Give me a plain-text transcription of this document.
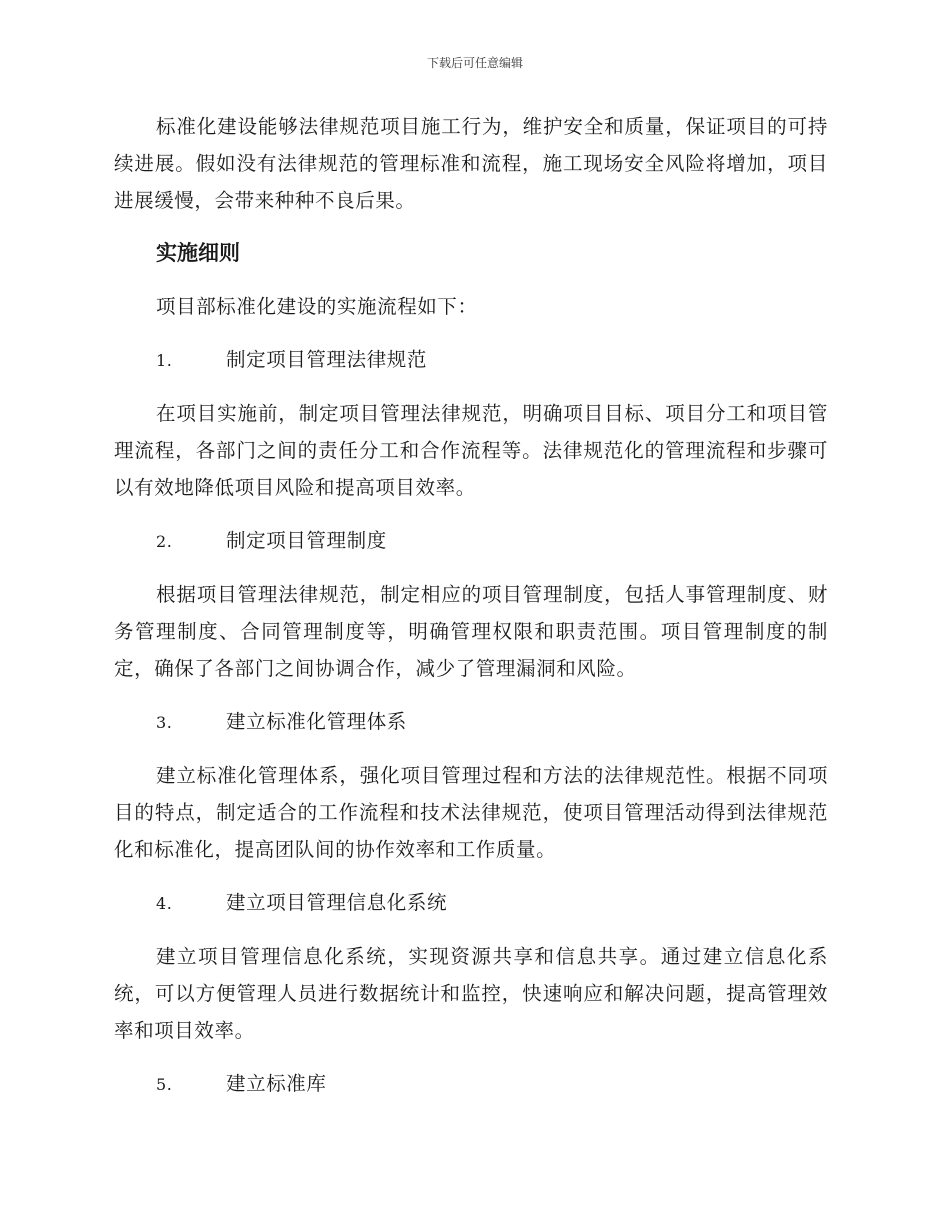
下载后可任意编辑

标准化建设能够法律规范项目施工行为，维护安全和质量，保证项目的可持续进展。假如没有法律规范的管理标准和流程，施工现场安全风险将增加，项目进展缓慢，会带来种种不良后果。

实施细则

项目部标准化建设的实施流程如下：

1.	制定项目管理法律规范

在项目实施前，制定项目管理法律规范，明确项目目标、项目分工和项目管理流程，各部门之间的责任分工和合作流程等。法律规范化的管理流程和步骤可以有效地降低项目风险和提高项目效率。

2.	制定项目管理制度

根据项目管理法律规范，制定相应的项目管理制度，包括人事管理制度、财务管理制度、合同管理制度等，明确管理权限和职责范围。项目管理制度的制定，确保了各部门之间协调合作，减少了管理漏洞和风险。

3.	建立标准化管理体系

建立标准化管理体系，强化项目管理过程和方法的法律规范性。根据不同项目的特点，制定适合的工作流程和技术法律规范，使项目管理活动得到法律规范化和标准化，提高团队间的协作效率和工作质量。

4.	建立项目管理信息化系统

建立项目管理信息化系统，实现资源共享和信息共享。通过建立信息化系统，可以方便管理人员进行数据统计和监控，快速响应和解决问题，提高管理效率和项目效率。

5.	建立标准库
